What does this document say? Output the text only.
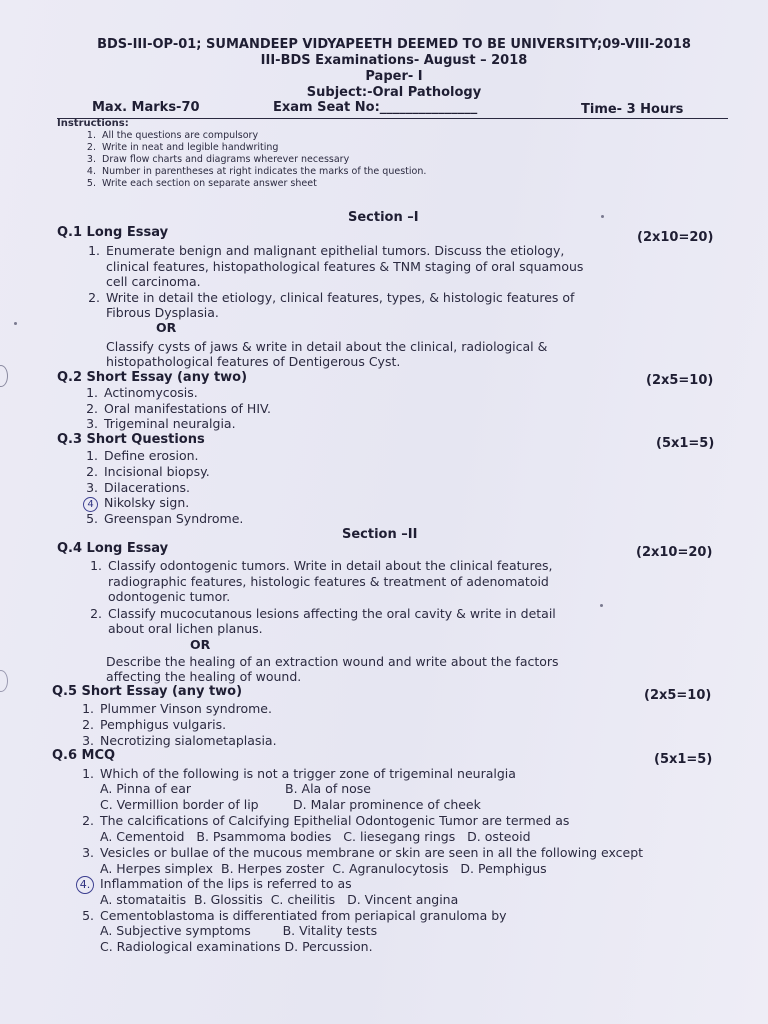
BDS-III-OP-01; SUMANDEEP VIDYAPEETH DEEMED TO BE UNIVERSITY;09-VIII-2018
III-BDS Examinations- August – 2018
Paper- I
Subject:-Oral Pathology
Max. Marks-70	Exam Seat No:_______________	Time- 3 Hours
Instructions:
1. All the questions are compulsory
2. Write in neat and legible handwriting
3. Draw flow charts and diagrams wherever necessary
4. Number in parentheses at right indicates the marks of the question.
5. Write each section on separate answer sheet
Section –I
Q.1 Long Essay	(2x10=20)
1. Enumerate benign and malignant epithelial tumors. Discuss the etiology,
clinical features, histopathological features & TNM staging of oral squamous
cell carcinoma.
2. Write in detail the etiology, clinical features, types, & histologic features of
Fibrous Dysplasia.
OR
Classify cysts of jaws & write in detail about the clinical, radiological &
histopathological features of Dentigerous Cyst.
Q.2 Short Essay (any two)	(2x5=10)
1. Actinomycosis.
2. Oral manifestations of HIV.
3. Trigeminal neuralgia.
Q.3 Short Questions	(5x1=5)
1. Define erosion.
2. Incisional biopsy.
3. Dilacerations.
4 Nikolsky sign.
5. Greenspan Syndrome.
Section –II
Q.4 Long Essay	(2x10=20)
1. Classify odontogenic tumors. Write in detail about the clinical features,
radiographic features, histologic features & treatment of adenomatoid
odontogenic tumor.
2. Classify mucocutanous lesions affecting the oral cavity & write in detail
about oral lichen planus.
OR
Describe the healing of an extraction wound and write about the factors
affecting the healing of wound.
Q.5 Short Essay (any two)	(2x5=10)
1. Plummer Vinson syndrome.
2. Pemphigus vulgaris.
3. Necrotizing sialometaplasia.
Q.6 MCQ	(5x1=5)
1. Which of the following is not a trigger zone of trigeminal neuralgia
A. Pinna of ear	B. Ala of nose
C. Vermillion border of lip	D. Malar prominence of cheek
2. The calcifications of Calcifying Epithelial Odontogenic Tumor are termed as
A. Cementoid   B. Psammoma bodies   C. liesegang rings   D. osteoid
3. Vesicles or bullae of the mucous membrane or skin are seen in all the following except
A. Herpes simplex  B. Herpes zoster  C. Agranulocytosis   D. Pemphigus
4. Inflammation of the lips is referred to as
A. stomataitis  B. Glossitis  C. cheilitis   D. Vincent angina
5. Cementoblastoma is differentiated from periapical granuloma by
A. Subjective symptoms        B. Vitality tests
C. Radiological examinations D. Percussion.
